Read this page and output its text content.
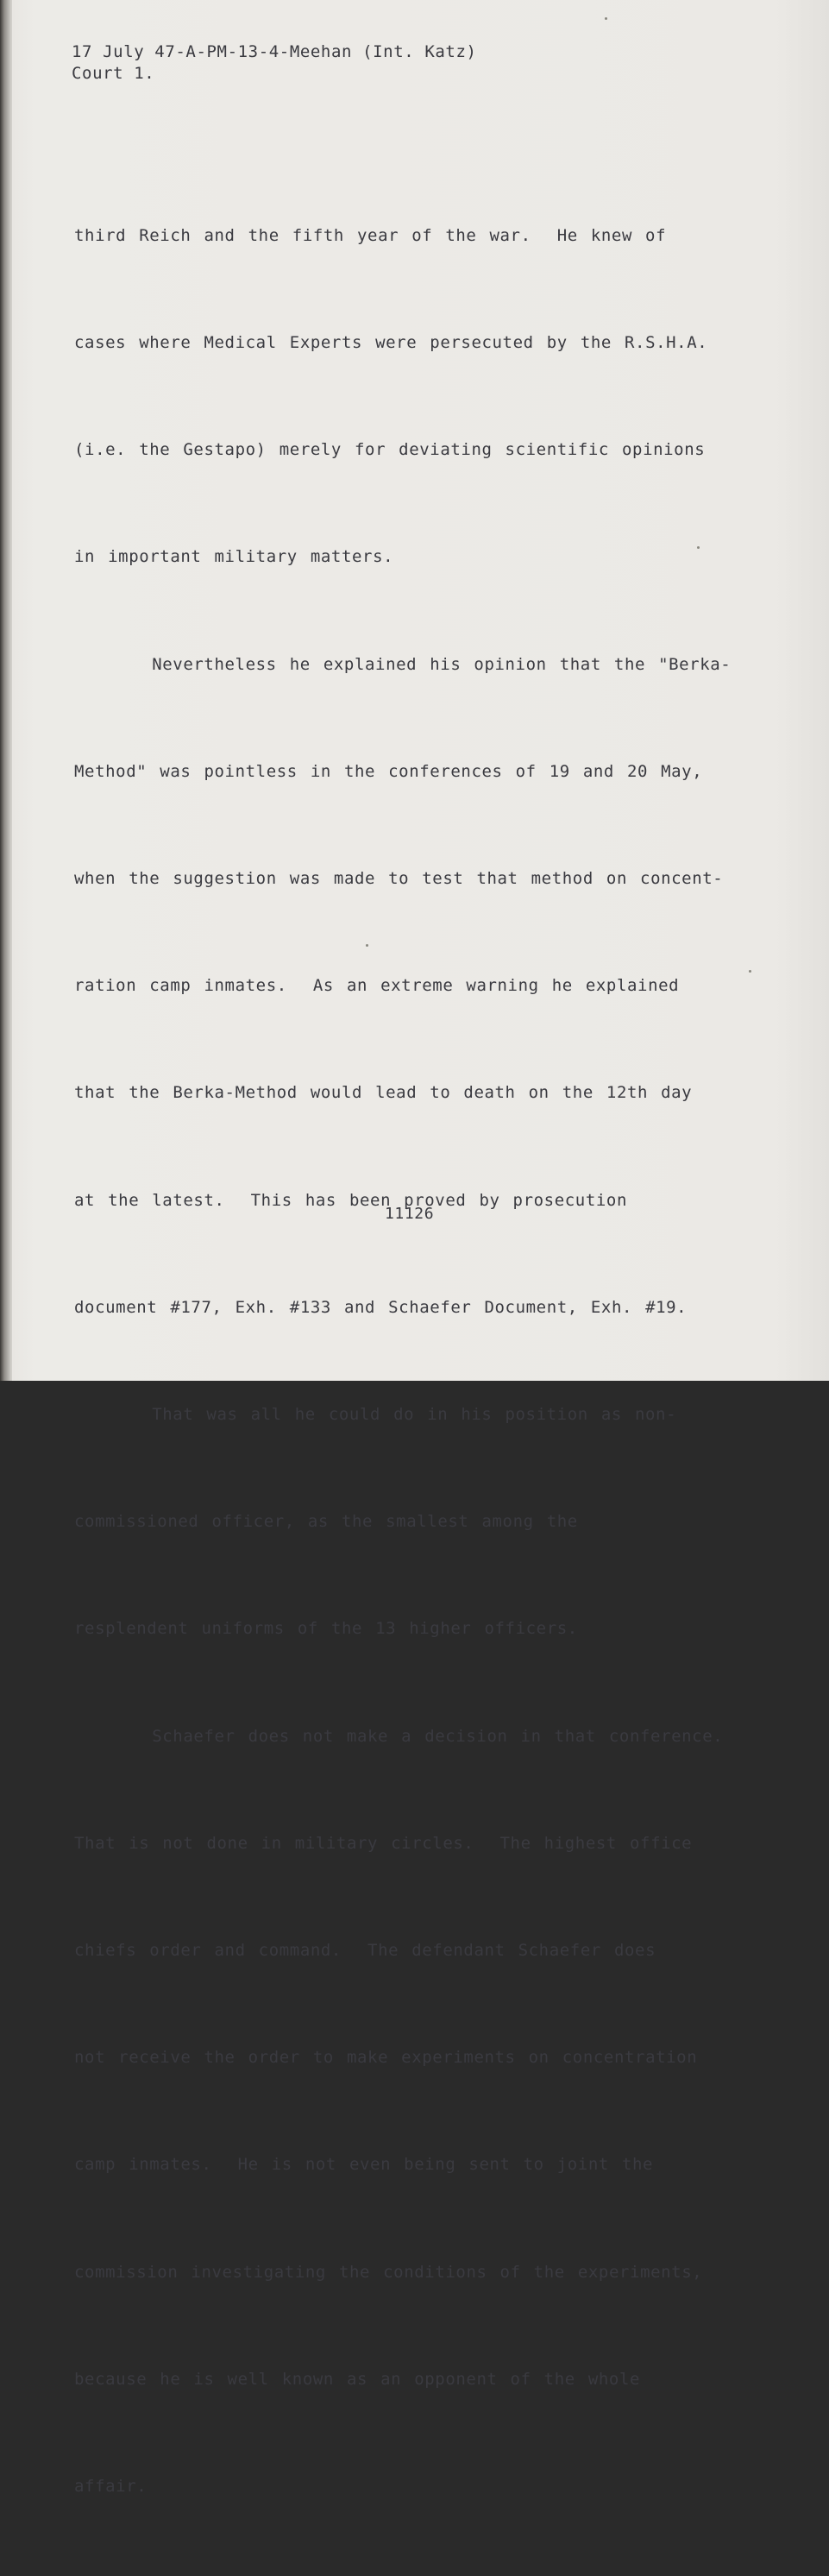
17 July 47-A-PM-13-4-Meehan (Int. Katz)
Court 1.

third Reich and the fifth year of the war.  He knew of

cases where Medical Experts were persecuted by the R.S.H.A.

(i.e. the Gestapo) merely for deviating scientific opinions

in important military matters.

Nevertheless he explained his opinion that the "Berka-

Method" was pointless in the conferences of 19 and 20 May,

when the suggestion was made to test that method on concent-

ration camp inmates.  As an extreme warning he explained

that the Berka-Method would lead to death on the 12th day

at the latest.  This has been proved by prosecution

document #177, Exh. #133 and Schaefer Document, Exh. #19.

That was all he could do in his position as non-

commissioned officer, as the smallest among the

resplendent uniforms of the 13 higher officers.

Schaefer does not make a decision in that conference.

That is not done in military circles.  The highest office

chiefs order and command.  The defendant Schaefer does

not receive the order to make experiments on concentration

camp inmates.  He is not even being sent to joint the

commission investigating the conditions of the experiments,

because he is well known as an opponent of the whole

affair.

11126
